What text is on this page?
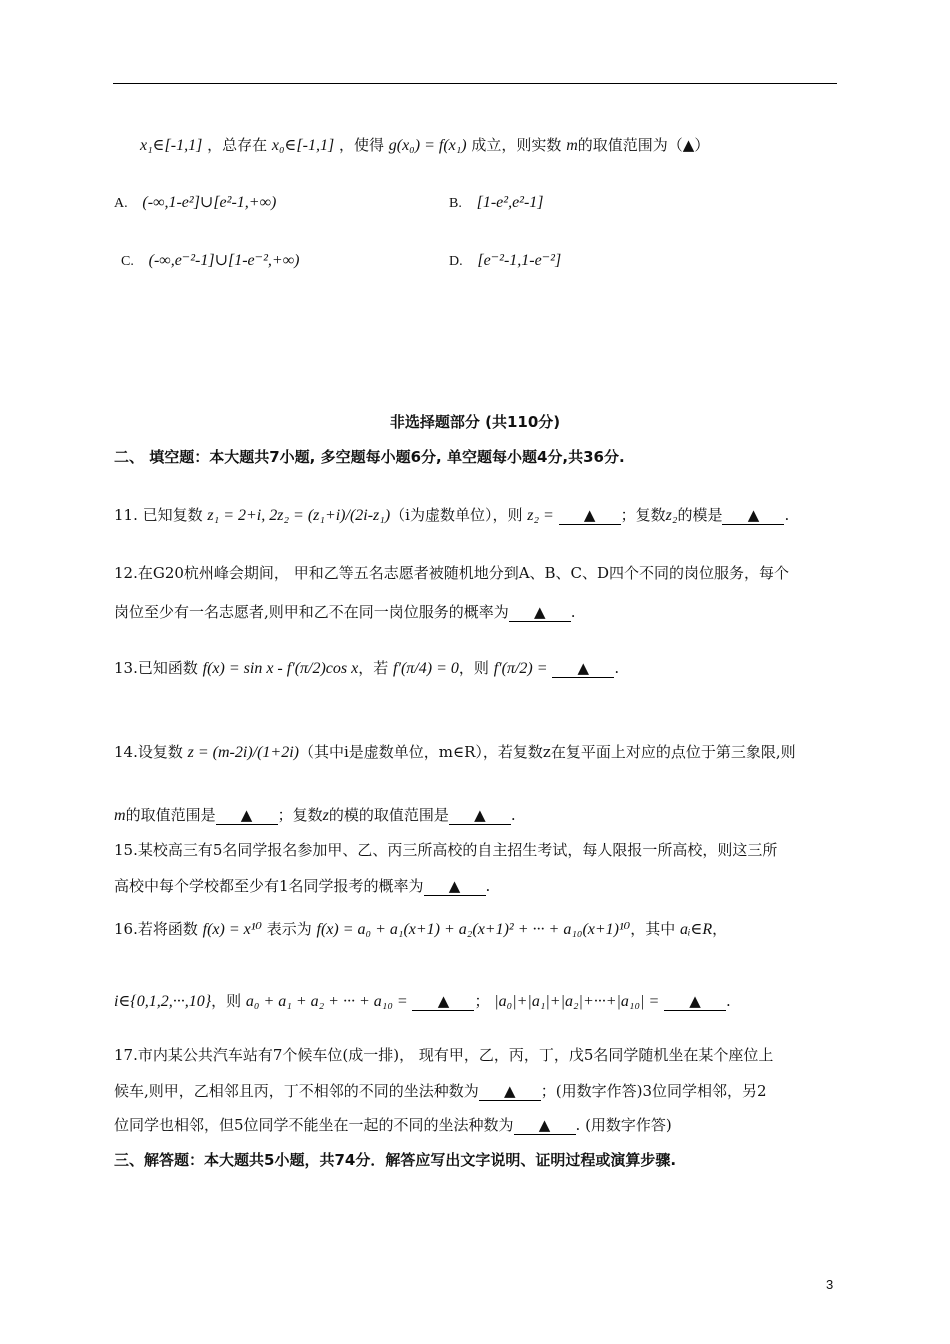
x₁∈[-1,1] ，总存在 x₀∈[-1,1] ，使得 g(x₀) = f(x₁) 成立，则实数 m的取值范围为（▲）
A. (-∞,1-e²]∪[e²-1,+∞)	B. [1-e²,e²-1]
C. (-∞,e⁻²-1]∪[1-e⁻²,+∞)	D. [e⁻²-1,1-e⁻²]
非选择题部分 (共110分)
二、 填空题：本大题共7小题, 多空题每小题6分, 单空题每小题4分,共36分.
11. 已知复数 z₁ = 2+i, 2z₂ = (z₁+i)/(2i-z₁)（i为虚数单位），则 z₂ = ▲ ；复数z₂的模是 ▲ .
12.在G20杭州峰会期间， 甲和乙等五名志愿者被随机地分到A、B、C、D四个不同的岗位服务，每个
岗位至少有一名志愿者,则甲和乙不在同一岗位服务的概率为 ▲ .
13.已知函数 f(x) = sin x - f′(π/2)cos x，若 f′(π/4) = 0，则 f′(π/2) = ▲ .
14.设复数 z = (m-2i)/(1+2i)（其中i是虚数单位，m∈R），若复数z在复平面上对应的点位于第三象限,则
m的取值范围是 ▲ ；复数z的模的取值范围是 ▲ .
15.某校高三有5名同学报名参加甲、乙、丙三所高校的自主招生考试，每人限报一所高校，则这三所
高校中每个学校都至少有1名同学报考的概率为 ▲ .
16.若将函数 f(x) = x¹⁰ 表示为 f(x) = a₀ + a₁(x+1) + a₂(x+1)² + ··· + a₁₀(x+1)¹⁰，其中 aᵢ∈R，
i∈{0,1,2,···,10}，则 a₀ + a₁ + a₂ + ··· + a₁₀ = ▲ ； |a₀|+|a₁|+|a₂|+···+|a₁₀| = ▲ .
17.市内某公共汽车站有7个候车位(成一排)， 现有甲，乙，丙，丁，戊5名同学随机坐在某个座位上
候车,则甲，乙相邻且丙，丁不相邻的不同的坐法种数为 ▲ ；(用数字作答)3位同学相邻，另2
位同学也相邻，但5位同学不能坐在一起的不同的坐法种数为 ▲ . (用数字作答)
三、解答题：本大题共5小题，共74分．解答应写出文字说明、证明过程或演算步骤.
3
